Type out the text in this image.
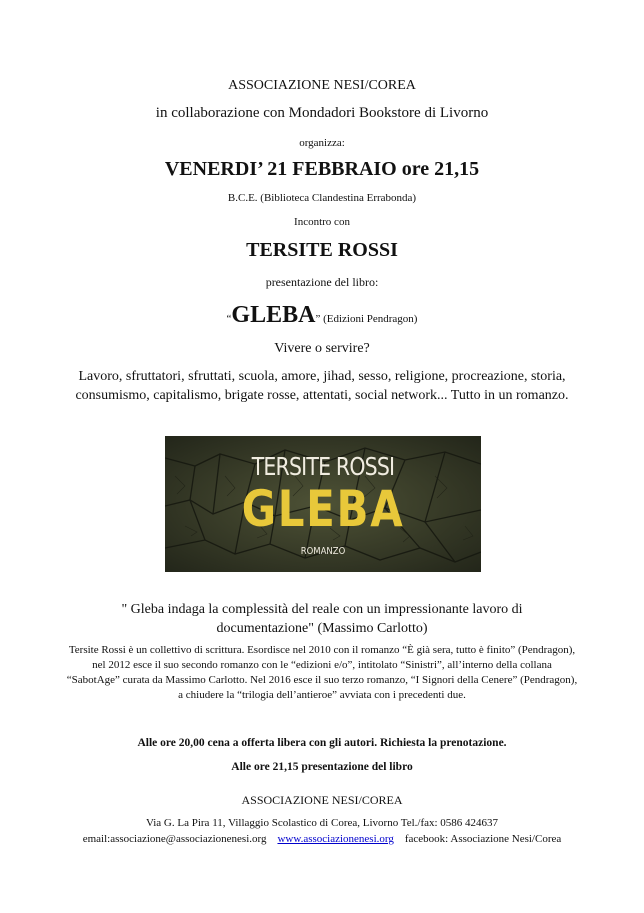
ASSOCIAZIONE NESI/COREA
in collaborazione con Mondadori Bookstore di Livorno
organizza:
VENERDI’ 21 FEBBRAIO ore 21,15
B.C.E. (Biblioteca Clandestina Errabonda)
Incontro con
TERSITE ROSSI
presentazione del libro:
“GLEBA” (Edizioni Pendragon)
Vivere o servire?
Lavoro, sfruttatori, sfruttati, scuola, amore, jihad, sesso, religione, procreazione, storia, consumismo, capitalismo, brigate rosse, attentati, social network... Tutto in un romanzo.
TERSITE ROSSI
GLEBA
ROMANZO
" Gleba indaga la complessità del reale con un impressionante lavoro di documentazione" (Massimo Carlotto)
Tersite Rossi è un collettivo di scrittura. Esordisce nel 2010 con il romanzo “È già sera, tutto è finito” (Pendragon), nel 2012 esce il suo secondo romanzo con le “edizioni e/o”, intitolato “Sinistri”, all’interno della collana “SabotAge” curata da Massimo Carlotto. Nel 2016 esce il suo terzo romanzo, “I Signori della Cenere” (Pendragon), a chiudere la “trilogia dell’antieroe” avviata con i precedenti due.
Alle ore 20,00 cena a offerta libera con gli autori. Richiesta la prenotazione.
Alle ore 21,15 presentazione del libro
ASSOCIAZIONE NESI/COREA
Via G. La Pira 11, Villaggio Scolastico di Corea, Livorno Tel./fax: 0586 424637
email:associazione@associazionenesi.org www.associazionenesi.org facebook: Associazione Nesi/Corea
